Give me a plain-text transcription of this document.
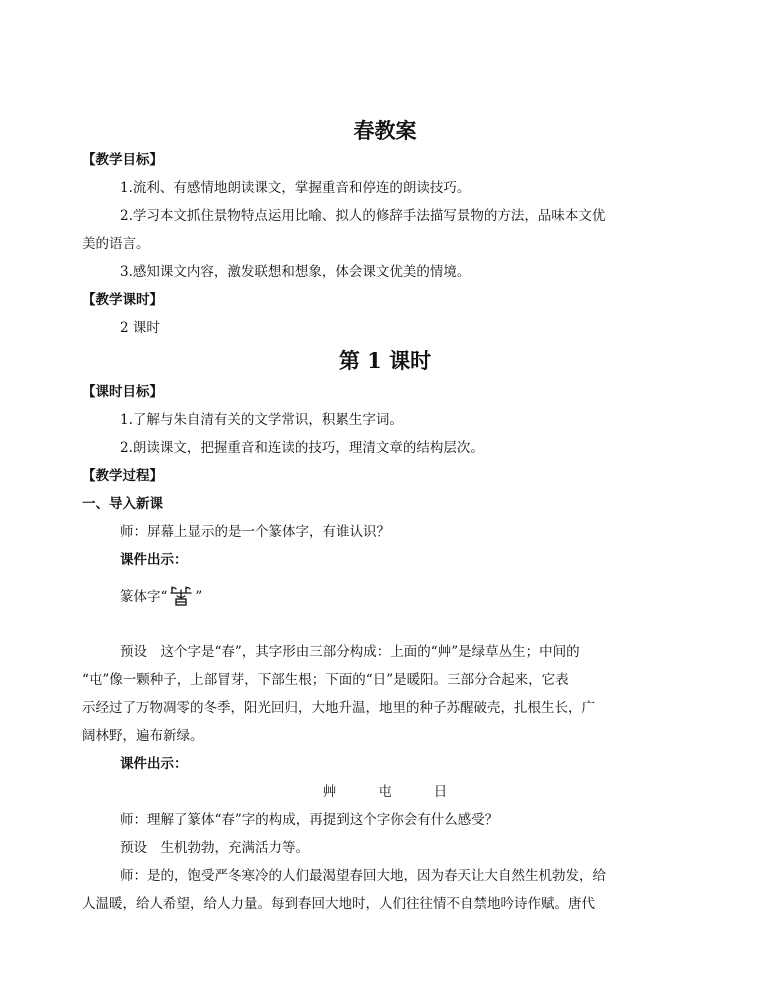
春教案
【教学目标】
1.流利、有感情地朗读课文，掌握重音和停连的朗读技巧。
2.学习本文抓住景物特点运用比喻、拟人的修辞手法描写景物的方法，品味本文优
美的语言。
3.感知课文内容，激发联想和想象，体会课文优美的情境。
【教学课时】
2 课时
第 1 课时
【课时目标】
1.了解与朱自清有关的文学常识，积累生字词。
2.朗读课文，把握重音和连读的技巧，理清文章的结构层次。
【教学过程】
一、导入新课
师：屏幕上显示的是一个篆体字，有谁认识？
课件出示：
篆体字“ ”
预设　这个字是“春”，其字形由三部分构成：上面的“艸”是绿草丛生；中间的
“屯”像一颗种子，上部冒芽，下部生根；下面的“日”是暖阳。三部分合起来，它表
示经过了万物凋零的冬季，阳光回归，大地升温，地里的种子苏醒破壳，扎根生长，广
阔林野，遍布新绿。
课件出示：
艸	屯	日
师：理解了篆体“春”字的构成，再提到这个字你会有什么感受？
预设　生机勃勃，充满活力等。
师：是的，饱受严冬寒冷的人们最渴望春回大地，因为春天让大自然生机勃发，给
人温暖，给人希望，给人力量。每到春回大地时，人们往往情不自禁地吟诗作赋。唐代
